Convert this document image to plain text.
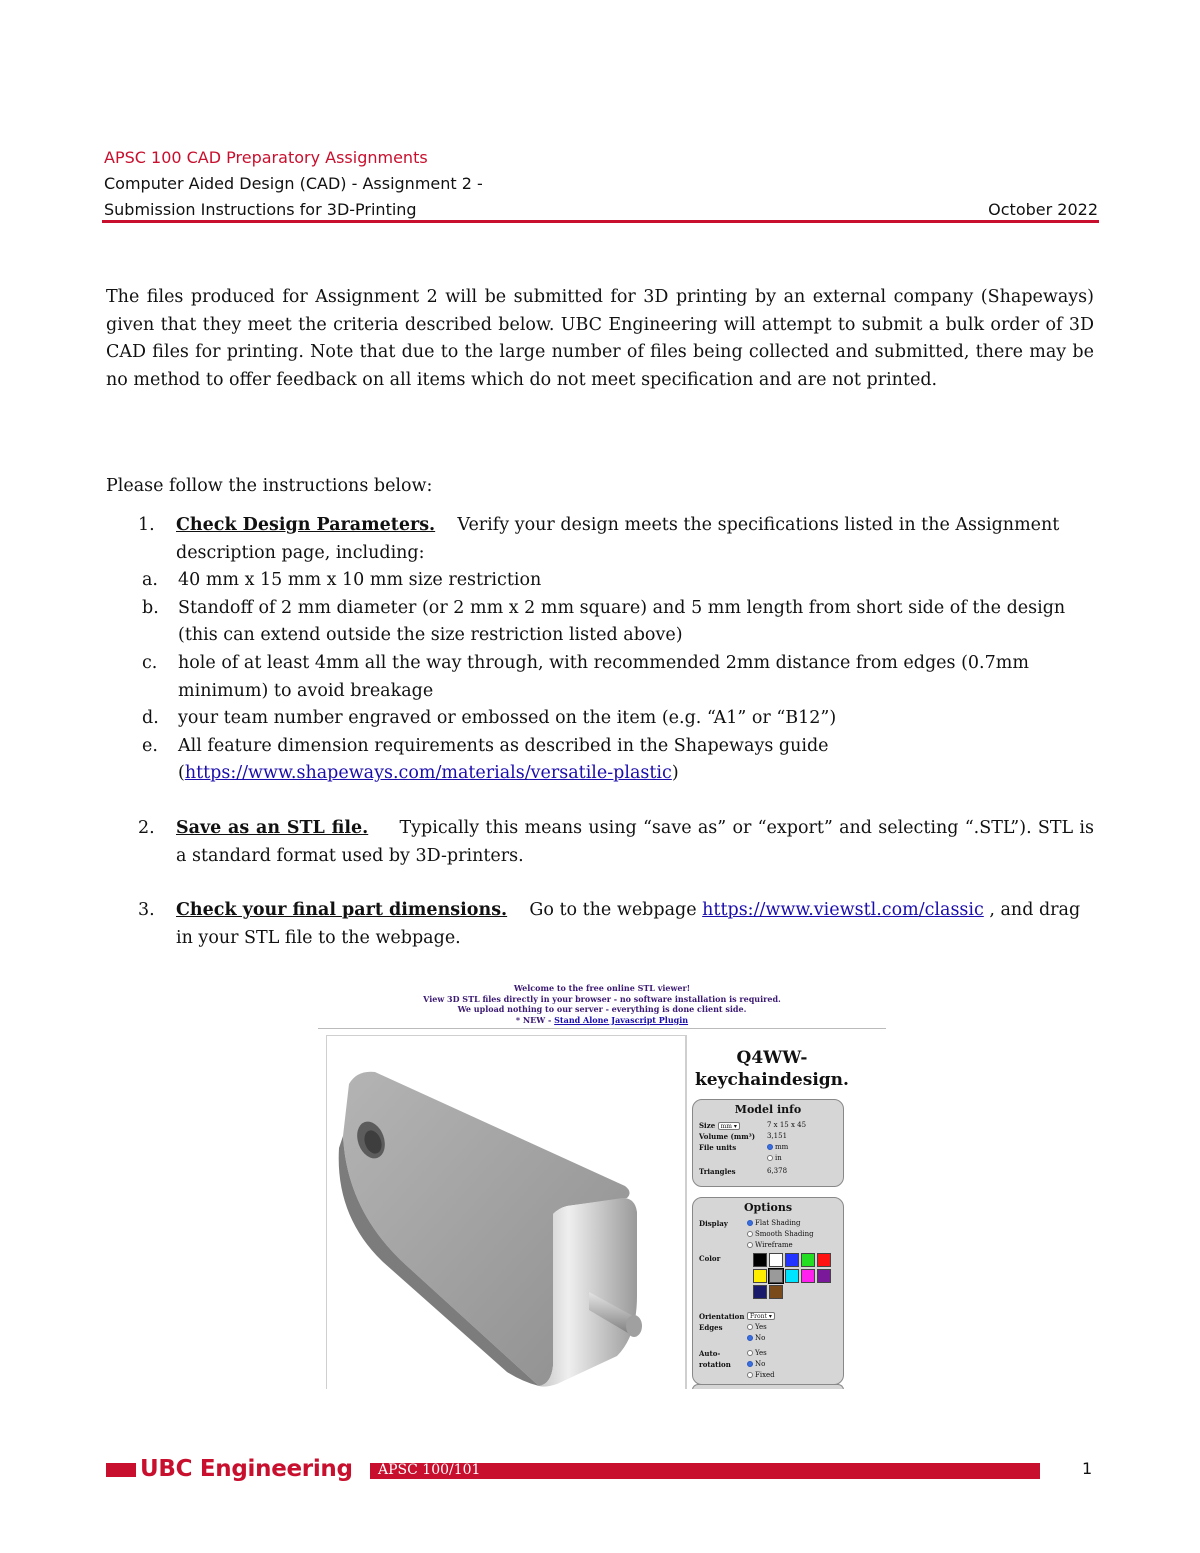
APSC 100 CAD Preparatory Assignments
Computer Aided Design (CAD) - Assignment 2 -
Submission Instructions for 3D-Printing	October 2022

The files produced for Assignment 2 will be submitted for 3D printing by an external company (Shapeways) given that they meet the criteria described below. UBC Engineering will attempt to submit a bulk order of 3D CAD files for printing. Note that due to the large number of files being collected and submitted, there may be no method to offer feedback on all items which do not meet specification and are not printed.

Please follow the instructions below:

1. Check Design Parameters. Verify your design meets the specifications listed in the Assignment description page, including:
a. 40 mm x 15 mm x 10 mm size restriction
b. Standoff of 2 mm diameter (or 2 mm x 2 mm square) and 5 mm length from short side of the design (this can extend outside the size restriction listed above)
c. hole of at least 4mm all the way through, with recommended 2mm distance from edges (0.7mm minimum) to avoid breakage
d. your team number engraved or embossed on the item (e.g. “A1” or “B12”)
e. All feature dimension requirements as described in the Shapeways guide
(https://www.shapeways.com/materials/versatile-plastic)
2. Save as an STL file. Typically this means using “save as” or “export” and selecting “.STL”). STL is a standard format used by 3D-printers.
3. Check your final part dimensions. Go to the webpage https://www.viewstl.com/classic , and drag in your STL file to the webpage.
Welcome to the free online STL viewer!
View 3D STL files directly in your browser - no software installation is required.
We upload nothing to our server - everything is done client side.
* NEW - Stand Alone Javascript Plugin
Q4WW-
keychaindesign.
Model info
Size mm ▾	7 x 15 x 45
Volume (mm³) 3,151
File units	mm

in
Triangles	6,378
Options
Display	Flat Shading

Smooth Shading

Wireframe
Color
Orientation Front ▾
Edges	Yes

No
Auto-	Yes
rotation	No

Fixed
UBC Engineering APSC 100/101	1
